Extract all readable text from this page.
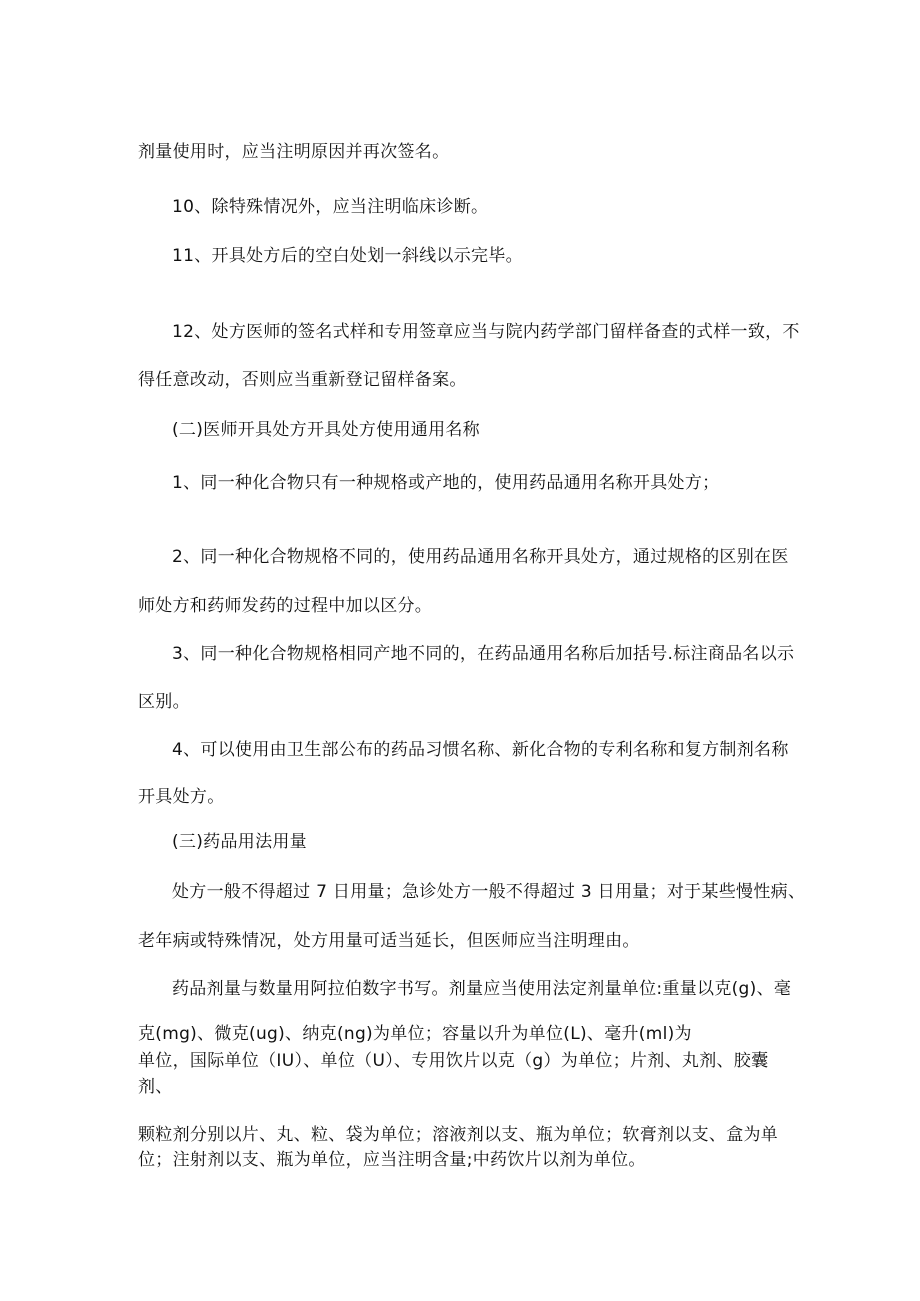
剂量使用时，应当注明原因并再次签名。
10、除特殊情况外，应当注明临床诊断。
11、开具处方后的空白处划一斜线以示完毕。
12、处方医师的签名式样和专用签章应当与院内药学部门留样备查的式样一致，不
得任意改动，否则应当重新登记留样备案。
(二)医师开具处方开具处方使用通用名称
1、同一种化合物只有一种规格或产地的，使用药品通用名称开具处方；
2、同一种化合物规格不同的，使用药品通用名称开具处方，通过规格的区别在医
师处方和药师发药的过程中加以区分。
3、同一种化合物规格相同产地不同的，在药品通用名称后加括号.标注商品名以示
区别。
4、可以使用由卫生部公布的药品习惯名称、新化合物的专利名称和复方制剂名称
开具处方。
(三)药品用法用量
处方一般不得超过 7 日用量；急诊处方一般不得超过 3 日用量；对于某些慢性病、
老年病或特殊情况，处方用量可适当延长，但医师应当注明理由。
药品剂量与数量用阿拉伯数字书写。剂量应当使用法定剂量单位:重量以克(g)、毫
克(mg)、微克(ug)、纳克(ng)为单位；容量以升为单位(L)、毫升(ml)为
单位，国际单位（IU）、单位（U）、专用饮片以克（g）为单位；片剂、丸剂、胶囊
剂、
颗粒剂分别以片、丸、粒、袋为单位；溶液剂以支、瓶为单位；软膏剂以支、盒为单
位；注射剂以支、瓶为单位，应当注明含量;中药饮片以剂为单位。
